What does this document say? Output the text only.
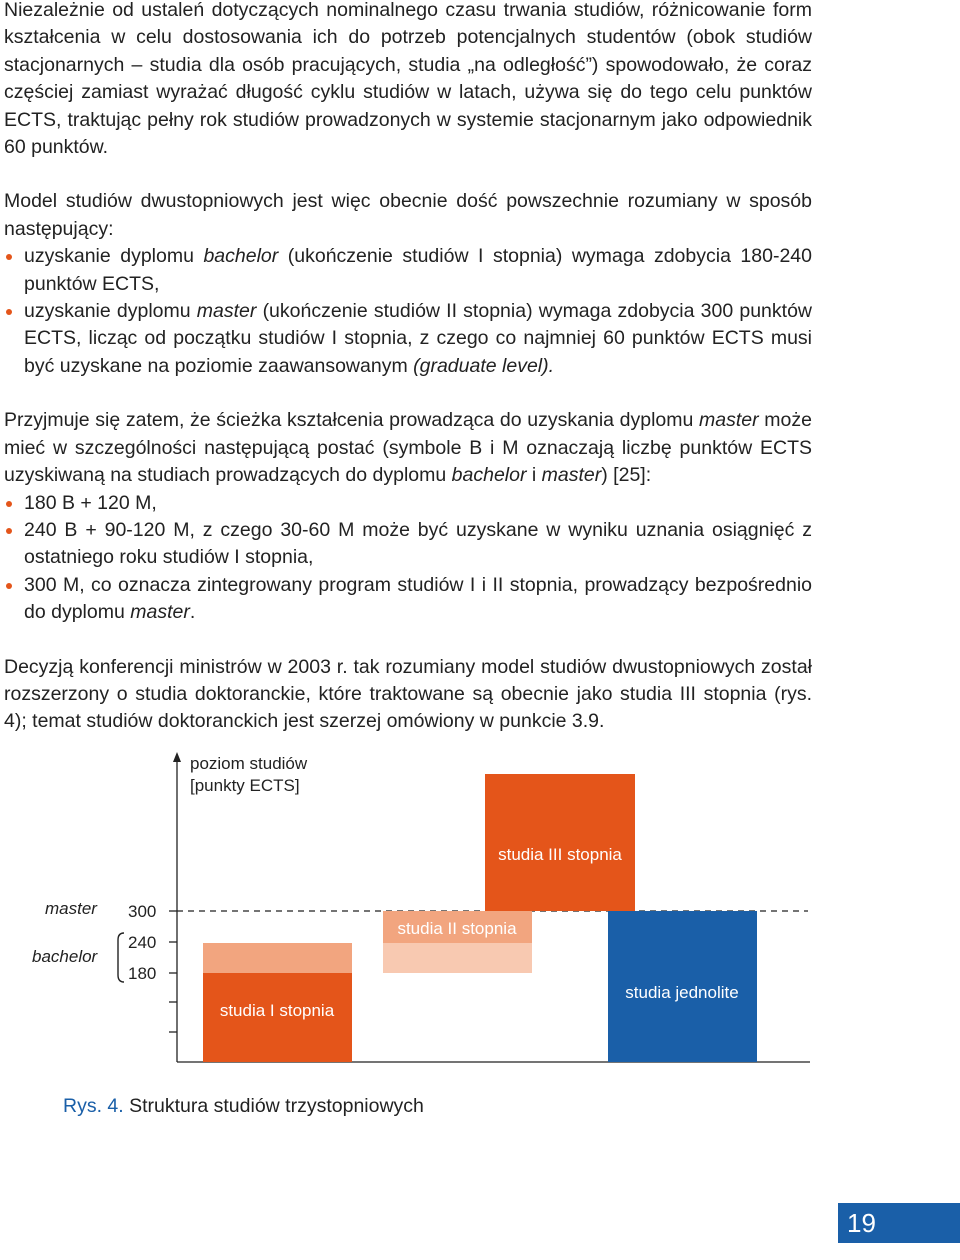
Niezależnie od ustaleń dotyczących nominalnego czasu trwania studiów, różnicowanie form kształcenia w celu dostosowania ich do potrzeb potencjalnych studentów (obok studiów stacjonarnych – studia dla osób pracujących, studia „na odległość”) spowodowało, że coraz częściej zamiast wyrażać długość cyklu studiów w latach, używa się do tego celu punktów ECTS, traktując pełny rok studiów prowadzonych w systemie stacjonarnym jako odpowiednik 60 punktów.

Model studiów dwustopniowych jest więc obecnie dość powszechnie rozumiany w sposób następujący:

uzyskanie dyplomu bachelor (ukończenie studiów I stopnia) wymaga zdobycia 180-240 punktów ECTS,
uzyskanie dyplomu master (ukończenie studiów II stopnia) wymaga zdobycia 300 punktów ECTS, licząc od początku studiów I stopnia, z czego co najmniej 60 punktów ECTS musi być uzyskane na poziomie zaawansowanym (graduate level).

Przyjmuje się zatem, że ścieżka kształcenia prowadząca do uzyskania dyplomu master może mieć w szczególności następującą postać (symbole B i M oznaczają liczbę punktów ECTS uzyskiwaną na studiach prowadzących do dyplomu bachelor i master) [25]:

180 B + 120 M,
240 B + 90-120 M, z czego 30-60 M może być uzyskane w wyniku uznania osiągnięć z ostatniego roku studiów I stopnia,
300 M, co oznacza zintegrowany program studiów I i II stopnia, prowadzący bezpośrednio do dyplomu master.

Decyzją konferencji ministrów w 2003 r. tak rozumiany model studiów dwustopniowych został rozszerzony o studia doktoranckie, które traktowane są obecnie jako studia III stopnia (rys. 4); temat studiów doktoranckich jest szerzej omówiony w punkcie 3.9.

poziom studiów
[punkty ECTS]
master
bachelor
300
240
180
studia I stopnia
studia II stopnia
studia III stopnia
studia jednolite
Rys. 4. Struktura studiów trzystopniowych
19
